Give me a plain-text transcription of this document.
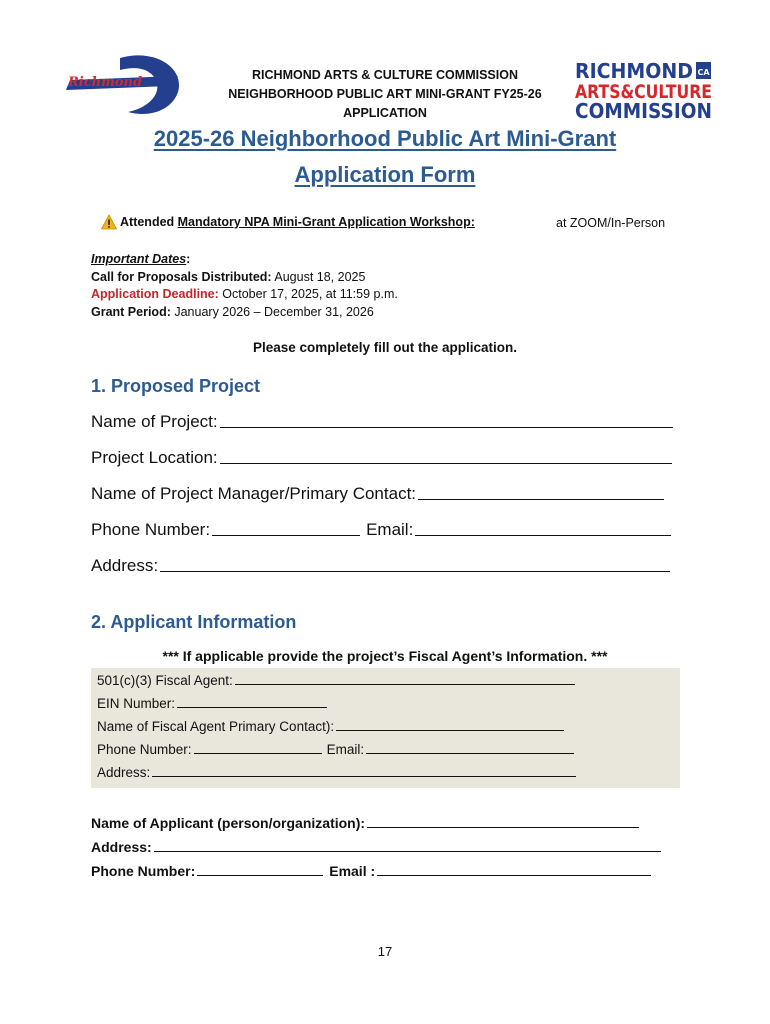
Richmond	RICHMOND ARTS & CULTURE COMMISSION
NEIGHBORHOOD PUBLIC ART MINI-GRANT FY25-26
APPLICATION
RICHMOND CA
ARTS&CULTURE
COMMISSION
2025-26 Neighborhood Public Art Mini-Grant
Application Form
Attended Mandatory NPA Mini-Grant Application Workshop:	at ZOOM/In-Person
Important Dates:
Call for Proposals Distributed: August 18, 2025
Application Deadline: October 17, 2025, at 11:59 p.m.
Grant Period: January 2026 – December 31, 2026
Please completely fill out the application.
1. Proposed Project
Name of Project:
Project Location:
Name of Project Manager/Primary Contact:
Phone Number:	Email:
Address:
2. Applicant Information
*** If applicable provide the project’s Fiscal Agent’s Information. ***
501(c)(3) Fiscal Agent:
EIN Number:
Name of Fiscal Agent Primary Contact):
Phone Number:	Email:
Address:
Name of Applicant (person/organization):
Address:
Phone Number:	Email :
17
